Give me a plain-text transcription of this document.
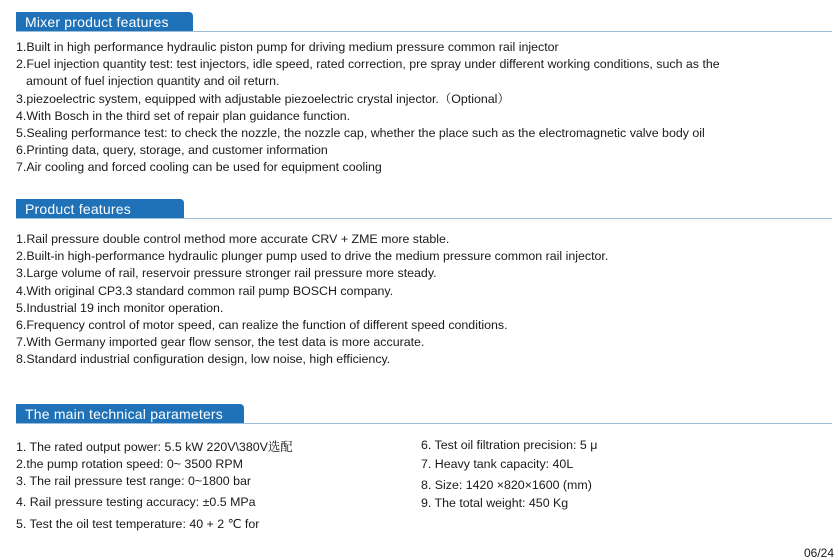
Mixer product features
1.Built in high performance hydraulic piston pump for driving medium pressure common rail injector
2.Fuel injection quantity test: test injectors, idle speed, rated correction, pre spray under different working conditions, such as the
amount of fuel injection quantity and oil return.
3.piezoelectric system, equipped with adjustable piezoelectric crystal injector.（Optional）
4.With Bosch in the third set of repair plan guidance function.
5.Sealing performance test: to check the nozzle, the nozzle cap, whether the place such as the electromagnetic valve body oil
6.Printing data, query, storage, and customer information
7.Air cooling and forced cooling can be used for equipment cooling
Product features
1.Rail pressure double control method more accurate CRV + ZME more stable.
2.Built-in high-performance hydraulic plunger pump used to drive the medium pressure common rail injector.
3.Large volume of rail, reservoir pressure stronger rail pressure more steady.
4.With original CP3.3 standard common rail pump BOSCH company.
5.Industrial 19 inch monitor operation.
6.Frequency control of motor speed, can realize the function of different speed conditions.
7.With Germany imported gear flow sensor, the test data is more accurate.
8.Standard industrial configuration design, low noise, high efficiency.
The main technical parameters
1. The rated output power: 5.5 kW 220V\380V选配
2.the pump rotation speed: 0~ 3500 RPM
3. The rail pressure test range: 0~1800 bar
4. Rail pressure testing accuracy: ±0.5 MPa
5. Test the oil test temperature: 40 + 2 ℃ for
6. Test oil filtration precision: 5 μ
7. Heavy tank capacity: 40L
8. Size: 1420 ×820×1600 (mm)
9. The total weight: 450 Kg
06/24
